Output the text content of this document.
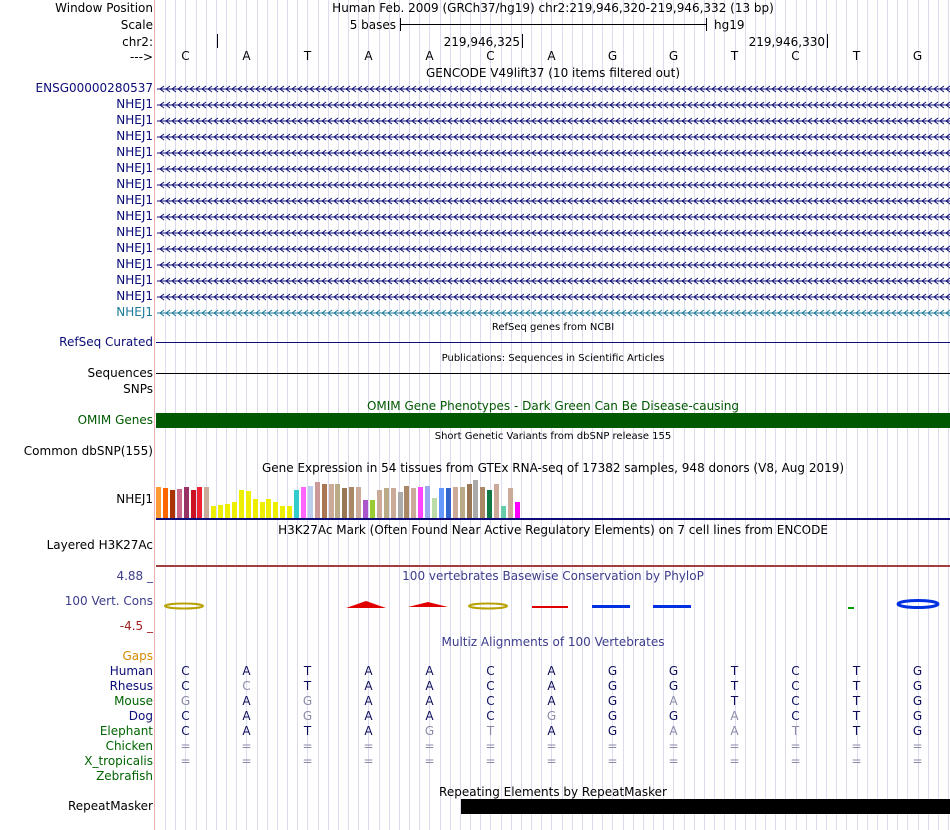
Window Position	Human Feb. 2009 (GRCh37/hg19) chr2:219,946,320-219,946,332 (13 bp)
Scale	5 bases	hg19
chr2:	219,946,325	219,946,330
--->	C	A	T	A	A	C	A	G	G	T	C	T	G
GENCODE V49lift37 (10 items filtered out)
ENSG00000280537
NHEJ1
NHEJ1
NHEJ1
NHEJ1
NHEJ1
NHEJ1
NHEJ1
NHEJ1
NHEJ1
NHEJ1
NHEJ1
NHEJ1
NHEJ1
NHEJ1
RefSeq genes from NCBI
RefSeq Curated
Publications: Sequences in Scientific Articles
Sequences
SNPs
OMIM Gene Phenotypes - Dark Green Can Be Disease-causing
OMIM Genes
Short Genetic Variants from dbSNP release 155
Common dbSNP(155)
Gene Expression in 54 tissues from GTEx RNA-seq of 17382 samples, 948 donors (V8, Aug 2019)
NHEJ1
H3K27Ac Mark (Often Found Near Active Regulatory Elements) on 7 cell lines from ENCODE
Layered H3K27Ac
100 vertebrates Basewise Conservation by PhyloP
4.88 _
100 Vert. Cons
-4.5 _
Multiz Alignments of 100 Vertebrates
Gaps
Human	C	A	T	A	A	C	A	G	G	T	C	T	G
Rhesus	C	C	T	A	A	C	A	G	G	T	C	T	G
Mouse	G	A	G	A	A	C	A	G	A	T	C	T	G
Dog	C	A	G	A	A	C	G	G	G	A	C	T	G
Elephant	C	A	T	A	G	T	A	G	A	A	T	T	G
Chicken	=	=	=	=	=	=	=	=	=	=	=	=	=
X_tropicalis	=	=	=	=	=	=	=	=	=	=	=	=	=
Zebrafish
Repeating Elements by RepeatMasker
RepeatMasker
